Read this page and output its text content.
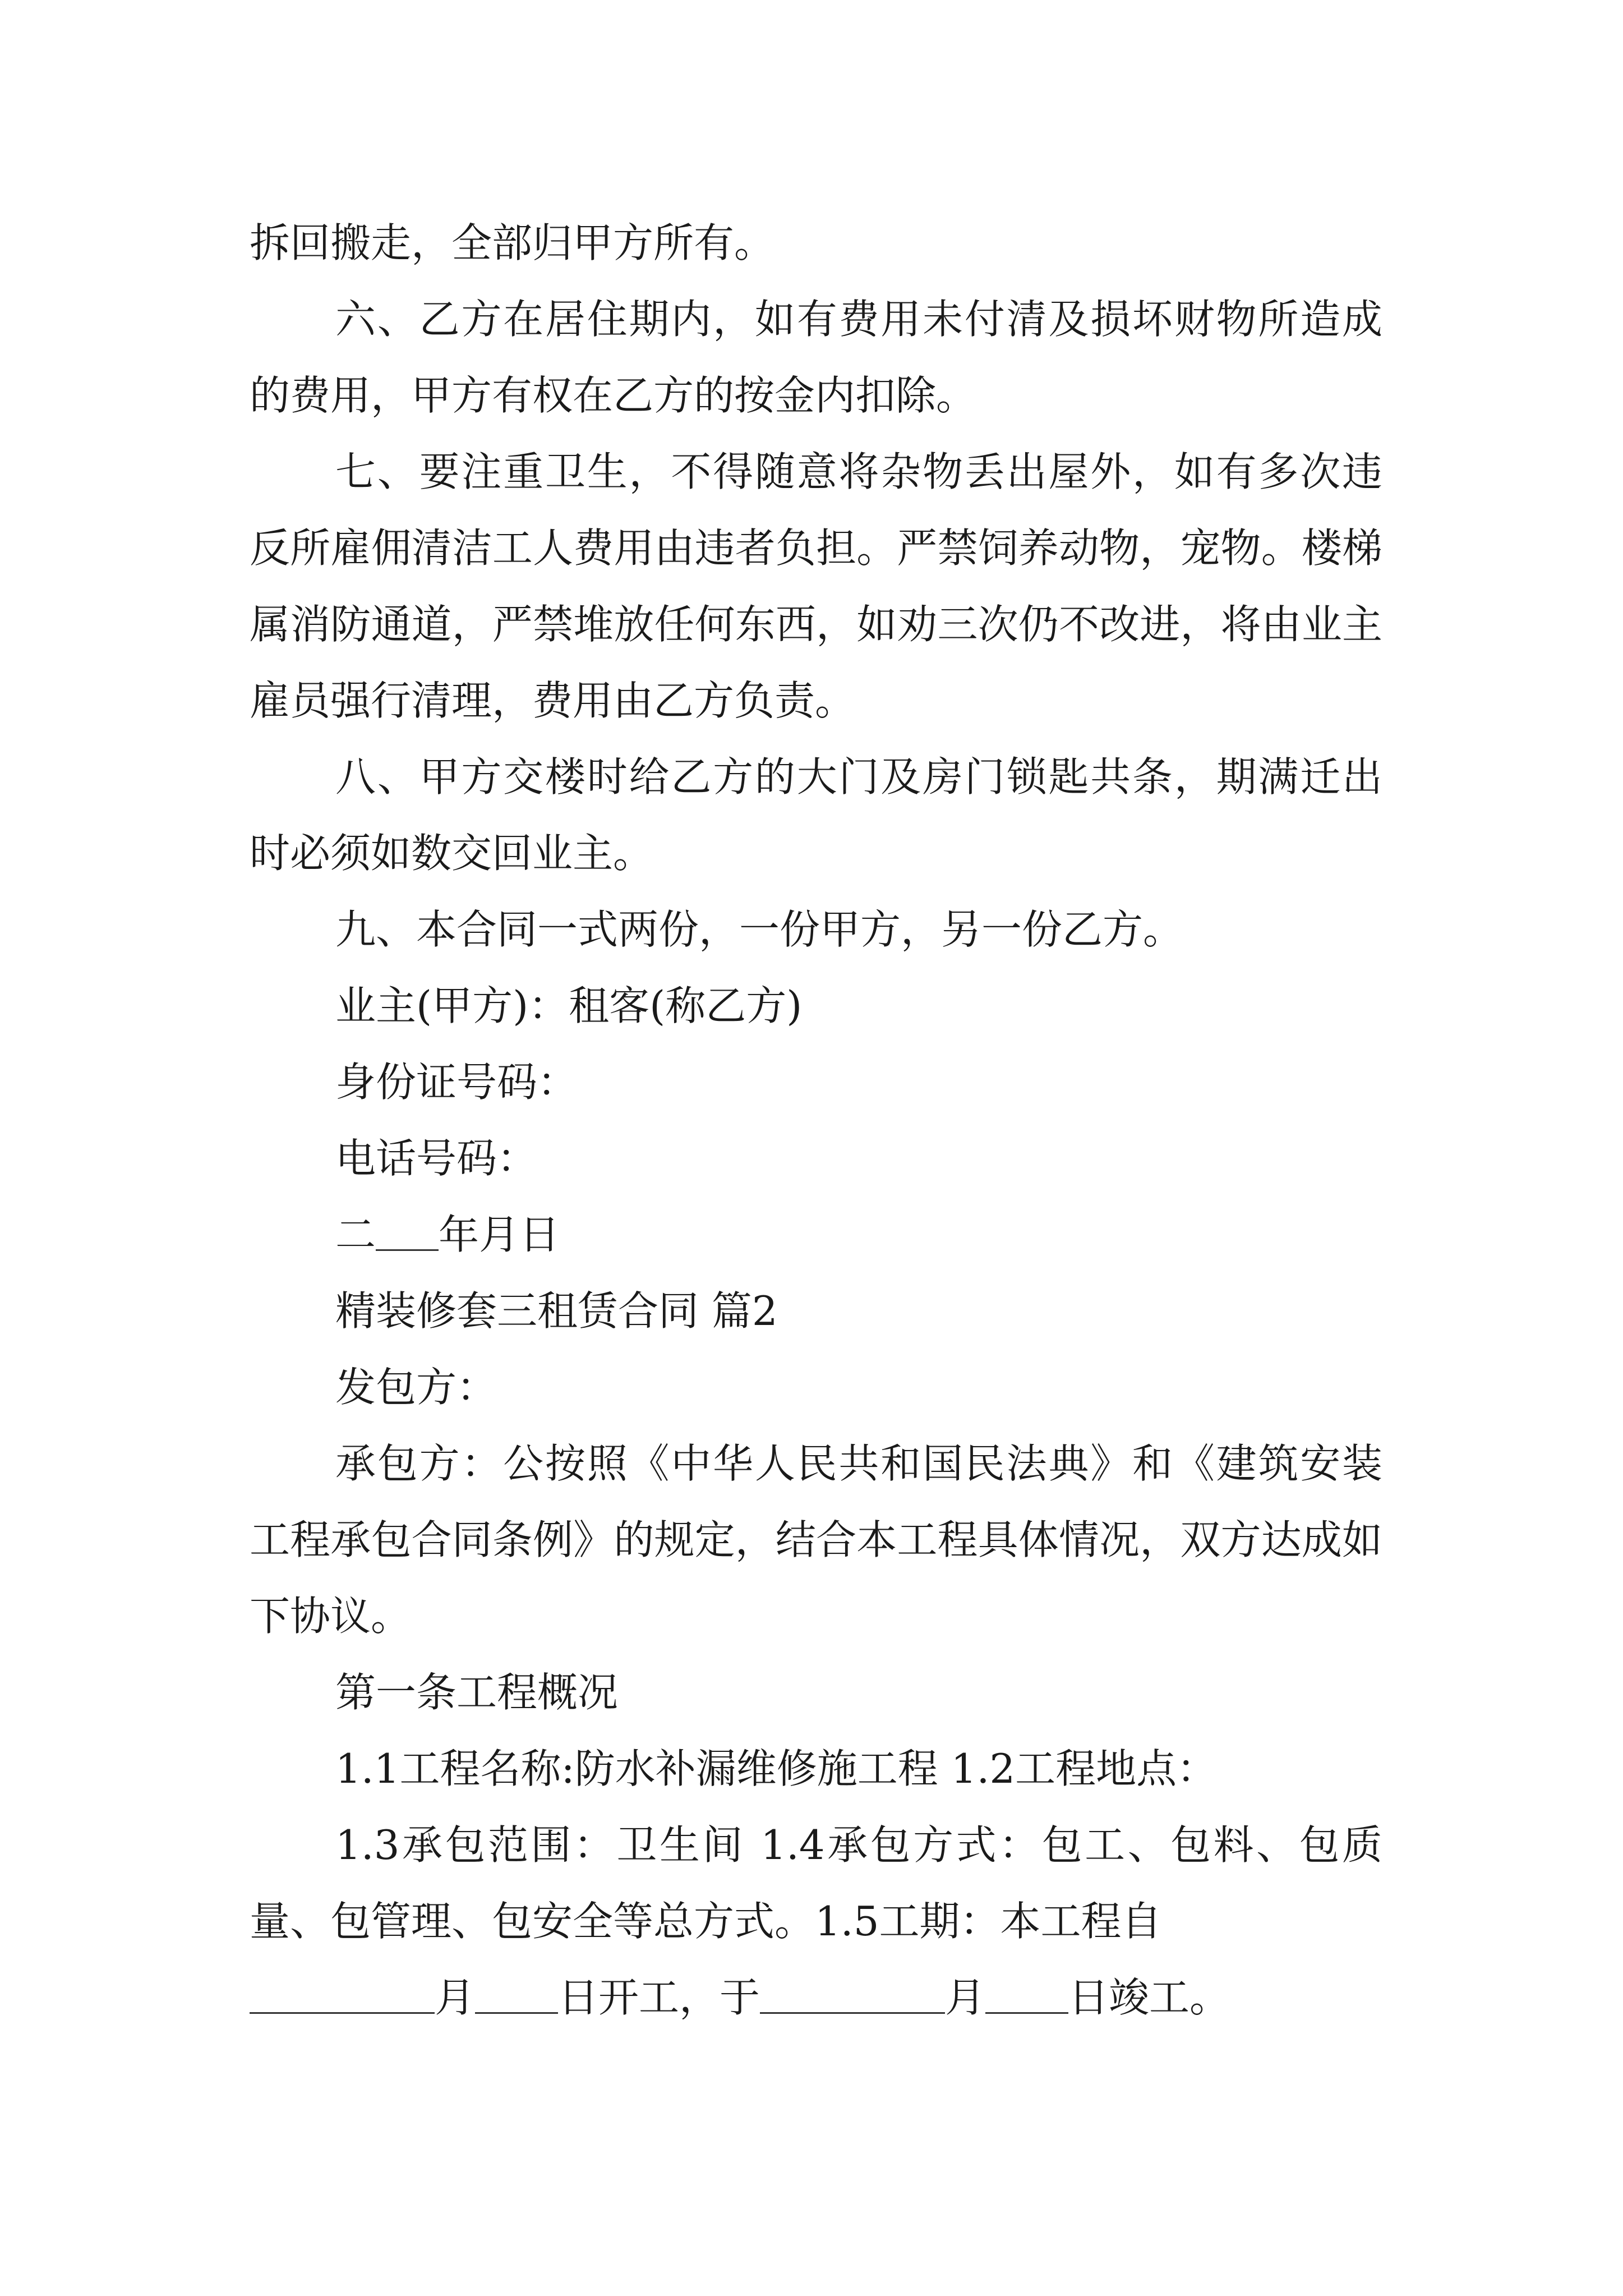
拆回搬走，全部归甲方所有。

六、乙方在居住期内，如有费用未付清及损坏财物所造成的费用，甲方有权在乙方的按金内扣除。

七、要注重卫生，不得随意将杂物丢出屋外，如有多次违反所雇佣清洁工人费用由违者负担。严禁饲养动物，宠物。楼梯属消防通道，严禁堆放任何东西，如劝三次仍不改进，将由业主雇员强行清理，费用由乙方负责。

八、甲方交楼时给乙方的大门及房门锁匙共条，期满迁出时必须如数交回业主。

九、本合同一式两份，一份甲方，另一份乙方。

业主(甲方)：租客(称乙方)

身份证号码：

电话号码：

二 年月日

精装修套三租赁合同 篇2

发包方：

承包方：公按照《中华人民共和国民法典》和《建筑安装工程承包合同条例》的规定，结合本工程具体情况，双方达成如下协议。

第一条工程概况

1.1工程名称:防水补漏维修施工程 1.2工程地点：

1.3承包范围：卫生间 1.4承包方式：包工、包料、包质量、包管理、包安全等总方式。1.5工期：本工程自

月 日开工，于	月 日竣工。
